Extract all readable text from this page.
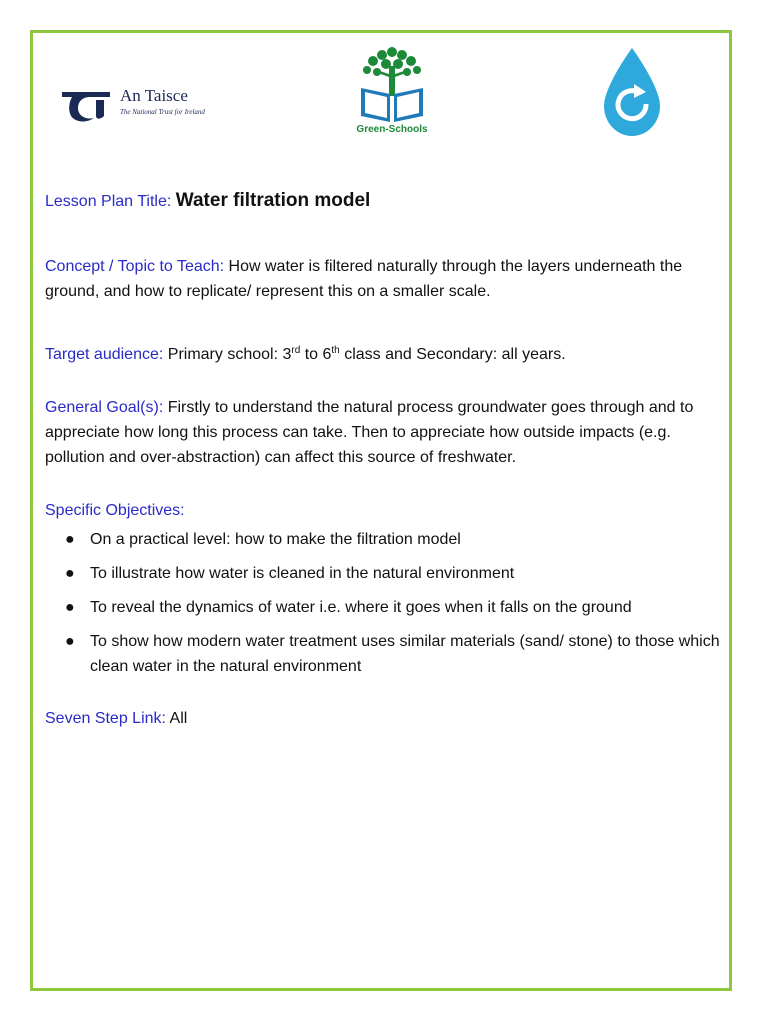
An Taisce
The National Trust for Ireland
Green-Schools

Lesson Plan Title: Water filtration model

Concept / Topic to Teach: How water is filtered naturally through the layers underneath the ground, and how to replicate/ represent this on a smaller scale.

Target audience: Primary school: 3rd to 6th class and Secondary: all years.

General Goal(s): Firstly to understand the natural process groundwater goes through and to appreciate how long this process can take. Then to appreciate how outside impacts (e.g. pollution and over-abstraction) can affect this source of freshwater.

Specific Objectives:

● On a practical level: how to make the filtration model
● To illustrate how water is cleaned in the natural environment
● To reveal the dynamics of water i.e. where it goes when it falls on the ground
● To show how modern water treatment uses similar materials (sand/ stone) to those which clean water in the natural environment

Seven Step Link: All
